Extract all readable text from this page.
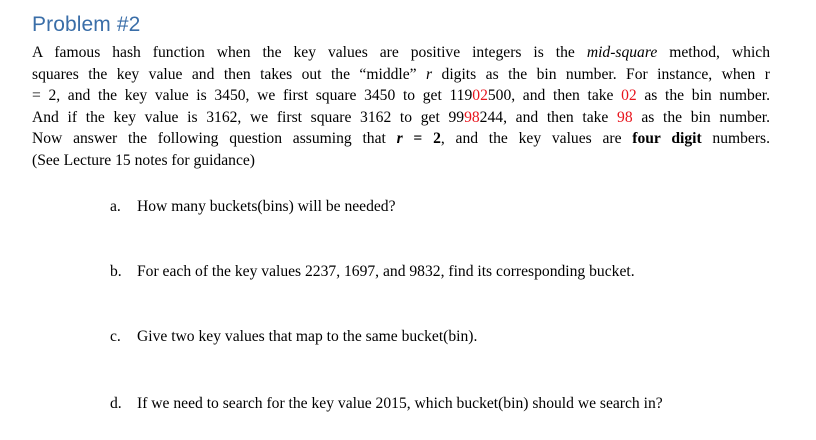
Problem #2
A famous hash function when the key values are positive integers is the mid-square method, which
squares the key value and then takes out the “middle” r digits as the bin number. For instance, when r
= 2, and the key value is 3450, we first square 3450 to get 11902500, and then take 02 as the bin number.
And if the key value is 3162, we first square 3162 to get 9998244, and then take 98 as the bin number.
Now answer the following question assuming that r = 2, and the key values are four digit numbers.
(See Lecture 15 notes for guidance)
a. How many buckets(bins) will be needed?
b. For each of the key values 2237, 1697, and 9832, find its corresponding bucket.
c. Give two key values that map to the same bucket(bin).
d. If we need to search for the key value 2015, which bucket(bin) should we search in?
